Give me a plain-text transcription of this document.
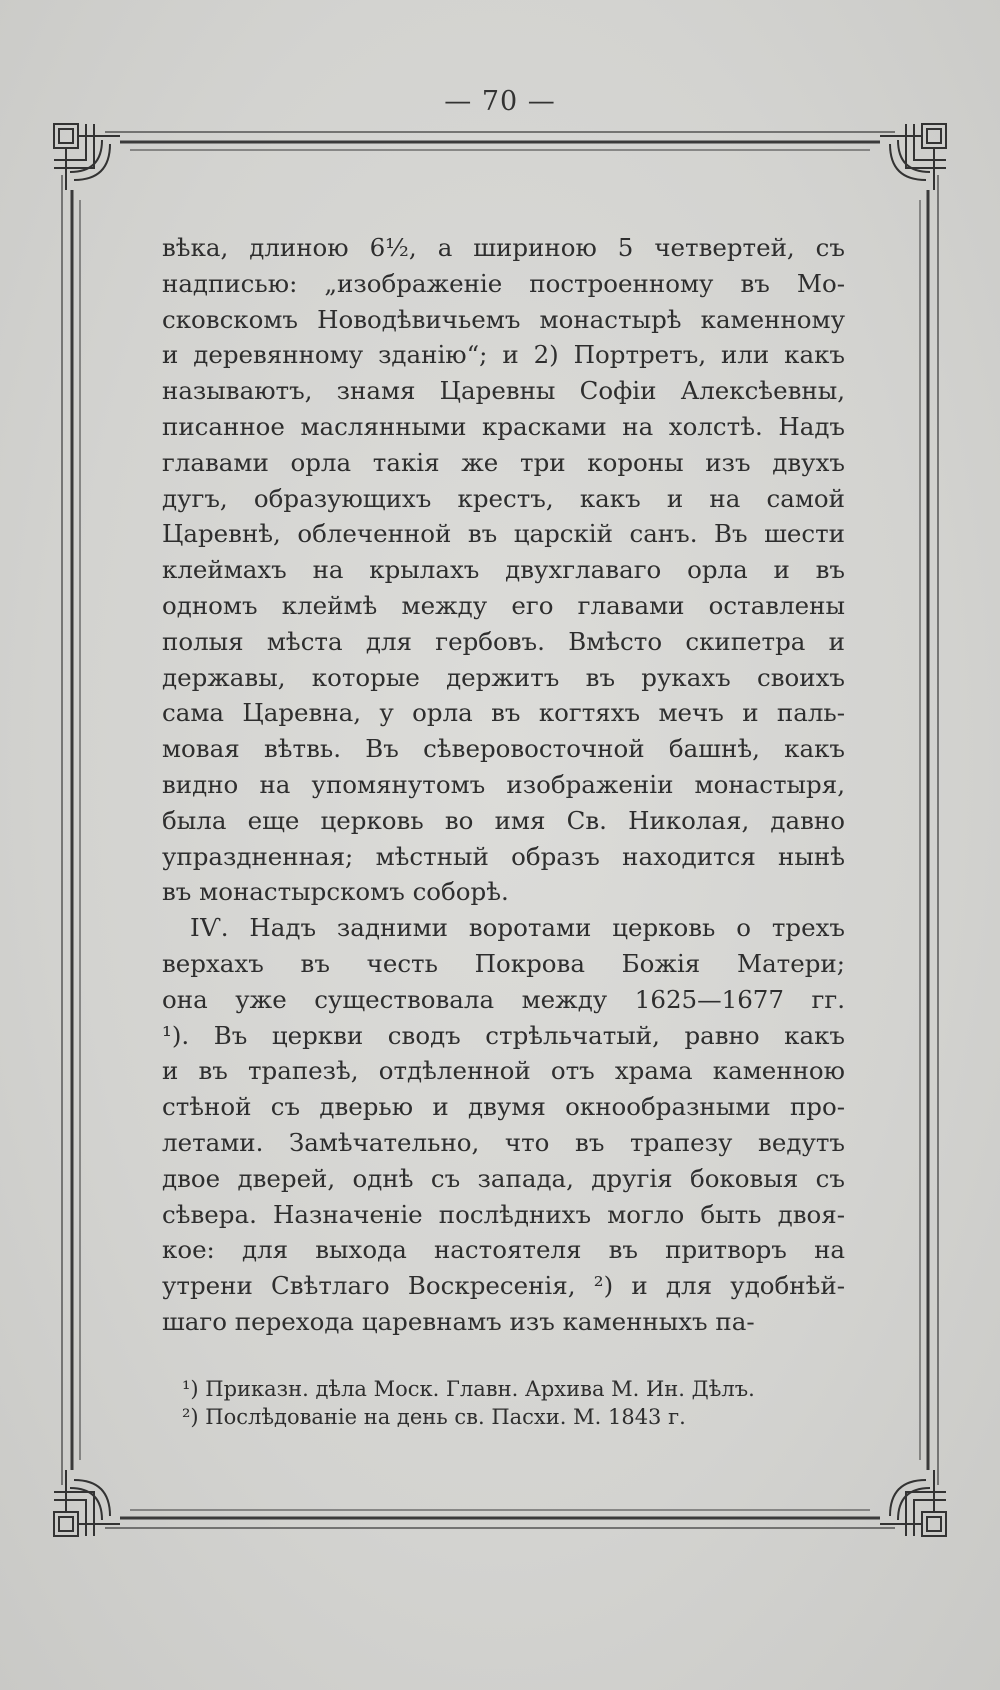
— 70 —
вѣка, длиною 6½, а шириною 5 четвертей, съ
надписью: „изображеніе построенному въ Мо-
сковскомъ Новодѣвичьемъ монастырѣ каменному
и деревянному зданію“; и 2) Портретъ, или какъ
называютъ, знамя Царевны Софіи Алексѣевны,
писанное маслянными красками на холстѣ. Надъ
главами орла такія же три короны изъ двухъ
дугъ, образующихъ крестъ, какъ и на самой
Царевнѣ, облеченной въ царскій санъ. Въ шести
клеймахъ на крылахъ двухглаваго орла и въ
одномъ клеймѣ между его главами оставлены
полыя мѣста для гербовъ. Вмѣсто скипетра и
державы, которые держитъ въ рукахъ своихъ
сама Царевна, у орла въ когтяхъ мечъ и паль-
мовая вѣтвь. Въ сѣверовосточной башнѣ, какъ
видно на упомянутомъ изображеніи монастыря,
была еще церковь во имя Св. Николая, давно
упраздненная; мѣстный образъ находится нынѣ
въ монастырскомъ соборѣ.
IѴ. Надъ задними воротами церковь о трехъ
верхахъ въ честь Покрова Божія Матери;
она уже существовала между 1625—1677 гг.
¹). Въ церкви сводъ стрѣльчатый, равно какъ
и въ трапезѣ, отдѣленной отъ храма каменною
стѣной съ дверью и двумя окнообразными про-
летами. Замѣчательно, что въ трапезу ведутъ
двое дверей, однѣ съ запада, другія боковыя съ
сѣвера. Назначеніе послѣднихъ могло быть двоя-
кое: для выхода настоятеля въ притворъ на
утрени Свѣтлаго Воскресенія, ²) и для удобнѣй-
шаго перехода царевнамъ изъ каменныхъ па-
¹) Приказн. дѣла Моск. Главн. Архива М. Ин. Дѣлъ.
²) Послѣдованіе на день св. Пасхи. М. 1843 г.
